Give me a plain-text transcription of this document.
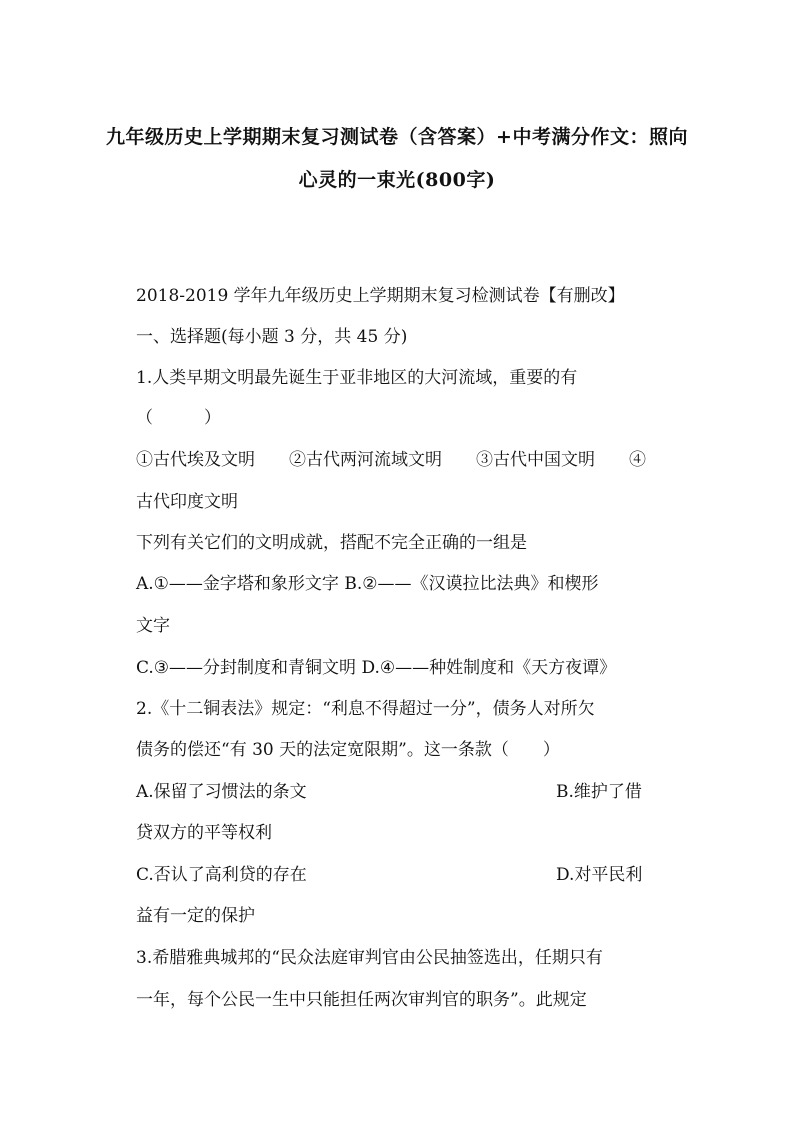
九年级历史上学期期末复习测试卷（含答案）+中考满分作文：照向
心灵的一束光(800字)
2018-2019 学年九年级历史上学期期末复习检测试卷【有删改】
一、选择题(每小题 3 分，共 45 分)
1.人类早期文明最先诞生于亚非地区的大河流域，重要的有
（　　　）
①古代埃及文明　　②古代两河流域文明　　③古代中国文明　　④
古代印度文明
下列有关它们的文明成就，搭配不完全正确的一组是
A.①——金字塔和象形文字 B.②——《汉谟拉比法典》和楔形
文字
C.③——分封制度和青铜文明 D.④——种姓制度和《天方夜谭》
2.《十二铜表法》规定：“利息不得超过一分”，债务人对所欠
债务的偿还“有 30 天的法定宽限期”。这一条款（　　）
A.保留了习惯法的条文	B.维护了借
贷双方的平等权利
C.否认了高利贷的存在	D.对平民利
益有一定的保护
3.希腊雅典城邦的“民众法庭审判官由公民抽签选出，任期只有
一年，每个公民一生中只能担任两次审判官的职务”。此规定
